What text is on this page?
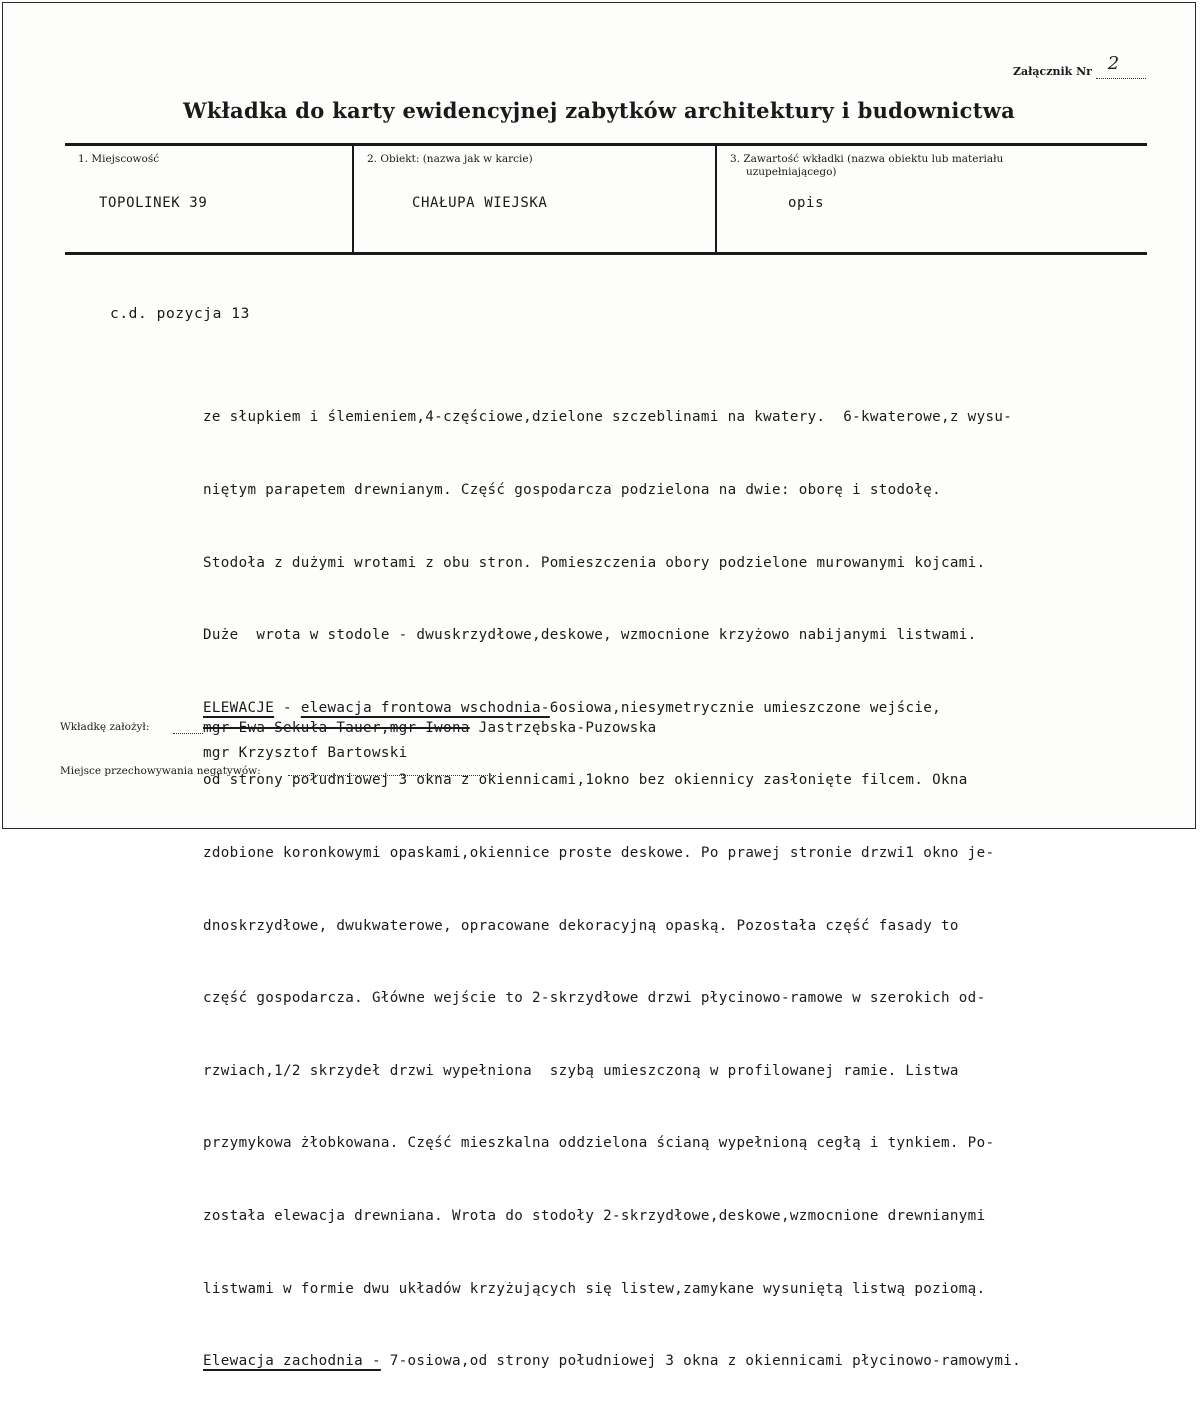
Załącznik Nr 2

Wkładka do karty ewidencyjnej zabytków architektury i budownictwa
1. Miejscowość
TOPOLINEK 39
2. Obiekt: (nazwa jak w karcie)
CHAŁUPA WIEJSKA
3. Zawartość wkładki (nazwa obiektu lub materiału
uzupełniającego)
opis
c.d. pozycja 13

ze słupkiem i ślemieniem,4-częściowe,dzielone szczeblinami na kwatery.  6-kwaterowe,z wysu-

niętym parapetem drewnianym. Część gospodarcza podzielona na dwie: oborę i stodołę.

Stodoła z dużymi wrotami z obu stron. Pomieszczenia obory podzielone murowanymi kojcami.

Duże  wrota w stodole - dwuskrzydłowe,deskowe, wzmocnione krzyżowo nabijanymi listwami.

ELEWACJE - elewacja frontowa wschodnia-6osiowa,niesymetrycznie umieszczone wejście,

od strony południowej 3 okna z okiennicami,1okno bez okiennicy zasłonięte filcem. Okna

zdobione koronkowymi opaskami,okiennice proste deskowe. Po prawej stronie drzwi1 okno je-

dnoskrzydłowe, dwukwaterowe, opracowane dekoracyjną opaską. Pozostała część fasady to

część gospodarcza. Główne wejście to 2-skrzydłowe drzwi płycinowo-ramowe w szerokich od-

rzwiach,1/2 skrzydeł drzwi wypełniona  szybą umieszczoną w profilowanej ramie. Listwa

przymykowa żłobkowana. Część mieszkalna oddzielona ścianą wypełnioną cegłą i tynkiem. Po-

została elewacja drewniana. Wrota do stodoły 2-skrzydłowe,deskowe,wzmocnione drewnianymi

listwami w formie dwu układów krzyżujących się listew,zamykane wysuniętą listwą poziomą.

Elewacja zachodnia - 7-osiowa,od strony południowej 3 okna z okiennicami płycinowo-ramowymi.

Wkładkę założył:	mgr Ewa Sekuła-Tauer,mgr Iwona Jastrzębska-Puzowska
mgr Krzysztof Bartowski
Miejsce przechowywania negatywów:
